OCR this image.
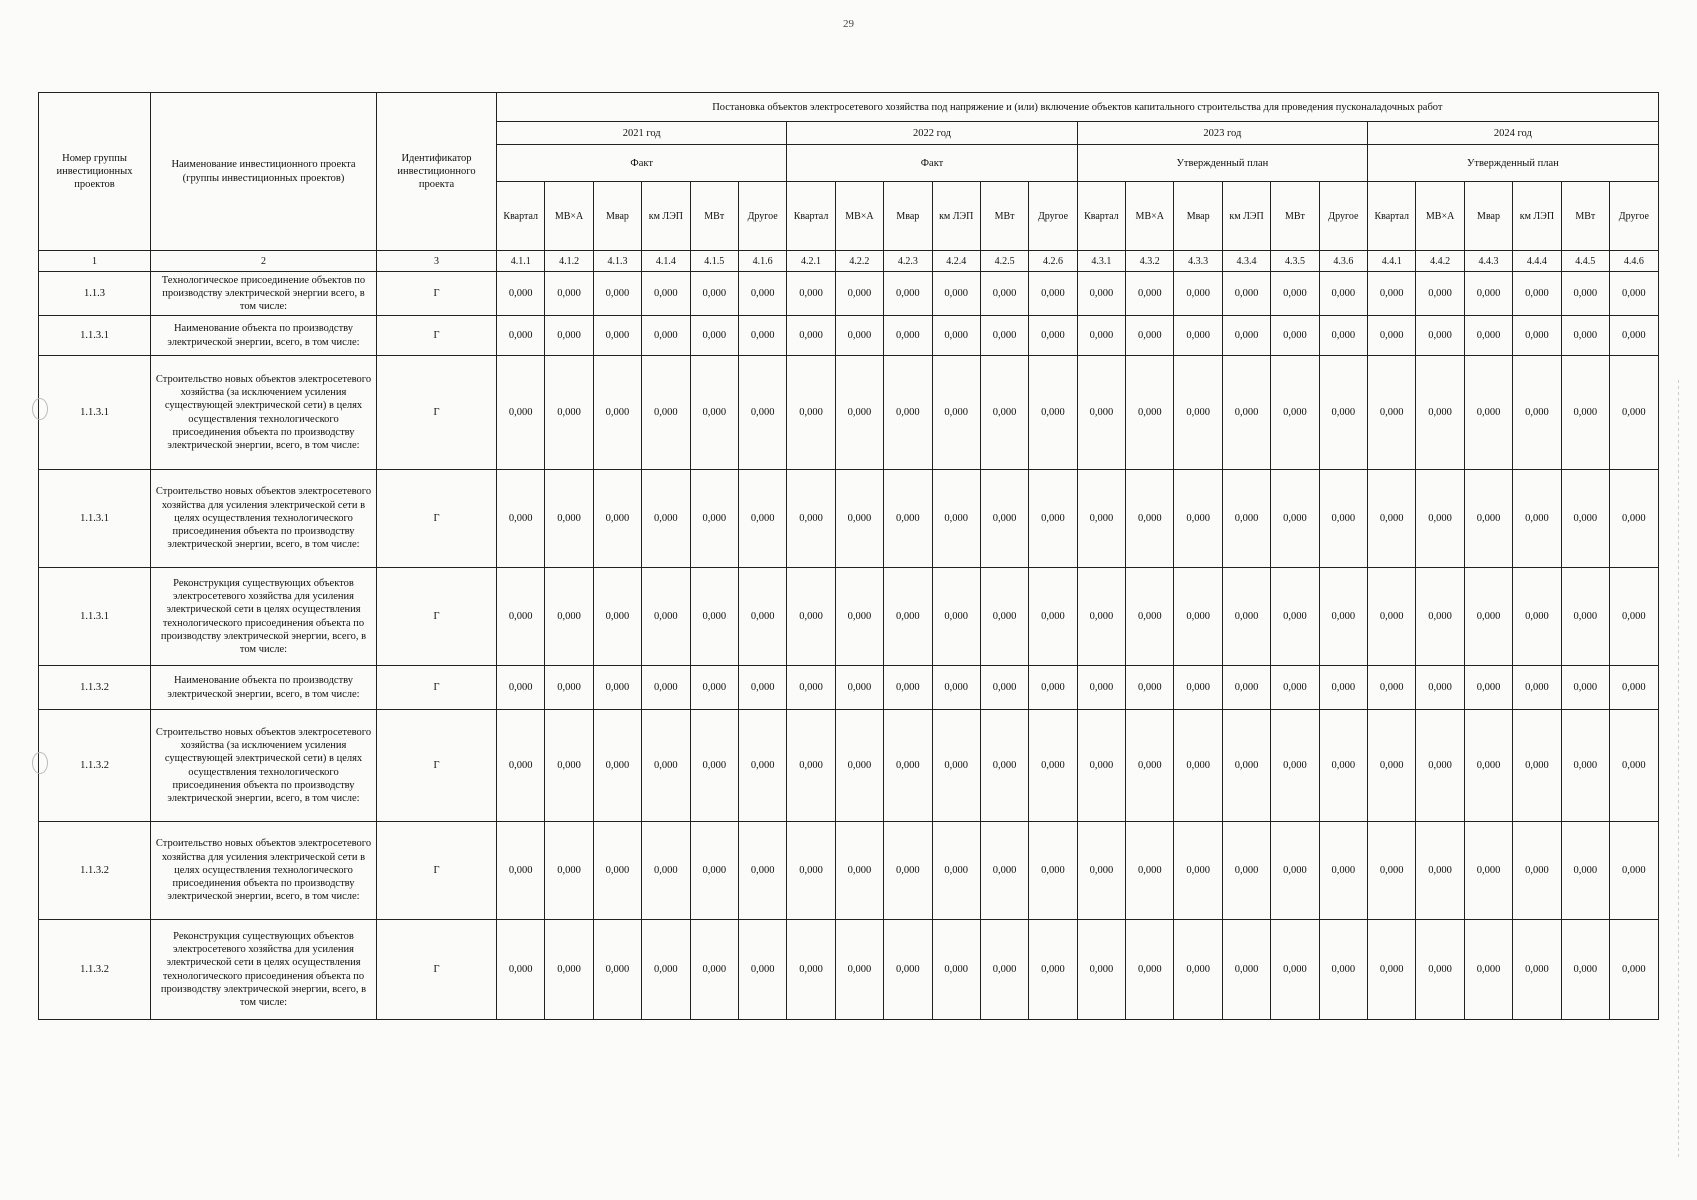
29
Номер группы инвестиционных проектов	Наименование инвестиционного проекта (группы инвестиционных проектов)	Идентификатор инвестиционного проекта	Постановка объектов электросетевого хозяйства под напряжение и (или) включение объектов капитального строительства для проведения пусконаладочных работ																							
			2021 год						2022 год						2023 год						2024 год					
			Факт						Факт						Утвержденный план						Утвержденный план					
			Квартал	МВ×А	Мвар	км ЛЭП	МВт	Другое	Квартал	МВ×А	Мвар	км ЛЭП	МВт	Другое	Квартал	МВ×А	Мвар	км ЛЭП	МВт	Другое	Квартал	МВ×А	Мвар	км ЛЭП	МВт	Другое
1	2	3	4.1.1	4.1.2	4.1.3	4.1.4	4.1.5	4.1.6	4.2.1	4.2.2	4.2.3	4.2.4	4.2.5	4.2.6	4.3.1	4.3.2	4.3.3	4.3.4	4.3.5	4.3.6	4.4.1	4.4.2	4.4.3	4.4.4	4.4.5	4.4.6
1.1.3	Технологическое присоединение объектов по производству электрической энергии всего, в том числе:	Г	0,000	0,000	0,000	0,000	0,000	0,000	0,000	0,000	0,000	0,000	0,000	0,000	0,000	0,000	0,000	0,000	0,000	0,000	0,000	0,000	0,000	0,000	0,000	0,000
1.1.3.1	Наименование объекта по производству электрической энергии, всего, в том числе:	Г	0,000	0,000	0,000	0,000	0,000	0,000	0,000	0,000	0,000	0,000	0,000	0,000	0,000	0,000	0,000	0,000	0,000	0,000	0,000	0,000	0,000	0,000	0,000	0,000
1.1.3.1	Строительство новых объектов электросетевого хозяйства (за исключением усиления существующей электрической сети) в целях осуществления технологического присоединения объекта по производству электрической энергии, всего, в том числе:	Г	0,000	0,000	0,000	0,000	0,000	0,000	0,000	0,000	0,000	0,000	0,000	0,000	0,000	0,000	0,000	0,000	0,000	0,000	0,000	0,000	0,000	0,000	0,000	0,000
1.1.3.1	Строительство новых объектов электросетевого хозяйства для усиления электрической сети в целях осуществления технологического присоединения объекта по производству электрической энергии, всего, в том числе:	Г	0,000	0,000	0,000	0,000	0,000	0,000	0,000	0,000	0,000	0,000	0,000	0,000	0,000	0,000	0,000	0,000	0,000	0,000	0,000	0,000	0,000	0,000	0,000	0,000
1.1.3.1	Реконструкция существующих объектов электросетевого хозяйства для усиления электрической сети в целях осуществления технологического присоединения объекта по производству электрической энергии, всего, в том числе:	Г	0,000	0,000	0,000	0,000	0,000	0,000	0,000	0,000	0,000	0,000	0,000	0,000	0,000	0,000	0,000	0,000	0,000	0,000	0,000	0,000	0,000	0,000	0,000	0,000
1.1.3.2	Наименование объекта по производству электрической энергии, всего, в том числе:	Г	0,000	0,000	0,000	0,000	0,000	0,000	0,000	0,000	0,000	0,000	0,000	0,000	0,000	0,000	0,000	0,000	0,000	0,000	0,000	0,000	0,000	0,000	0,000	0,000
1.1.3.2	Строительство новых объектов электросетевого хозяйства (за исключением усиления существующей электрической сети) в целях осуществления технологического присоединения объекта по производству электрической энергии, всего, в том числе:	Г	0,000	0,000	0,000	0,000	0,000	0,000	0,000	0,000	0,000	0,000	0,000	0,000	0,000	0,000	0,000	0,000	0,000	0,000	0,000	0,000	0,000	0,000	0,000	0,000
1.1.3.2	Строительство новых объектов электросетевого хозяйства для усиления электрической сети в целях осуществления технологического присоединения объекта по производству электрической энергии, всего, в том числе:	Г	0,000	0,000	0,000	0,000	0,000	0,000	0,000	0,000	0,000	0,000	0,000	0,000	0,000	0,000	0,000	0,000	0,000	0,000	0,000	0,000	0,000	0,000	0,000	0,000
1.1.3.2	Реконструкция существующих объектов электросетевого хозяйства для усиления электрической сети в целях осуществления технологического присоединения объекта по производству электрической энергии, всего, в том числе:	Г	0,000	0,000	0,000	0,000	0,000	0,000	0,000	0,000	0,000	0,000	0,000	0,000	0,000	0,000	0,000	0,000	0,000	0,000	0,000	0,000	0,000	0,000	0,000	0,000
